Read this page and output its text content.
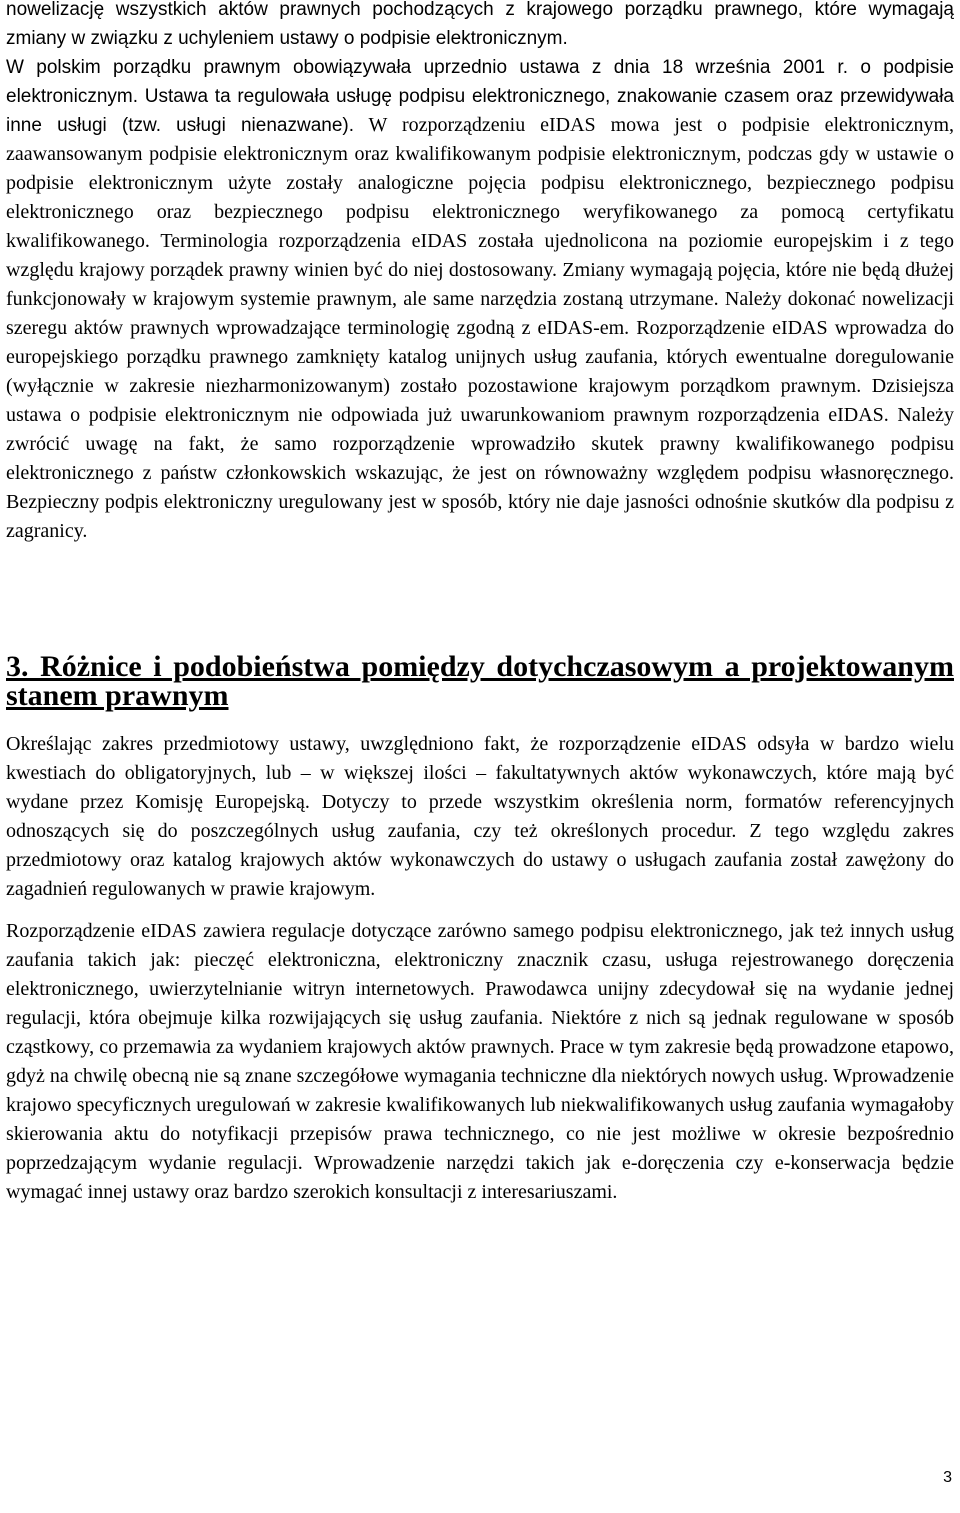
nowelizację wszystkich aktów prawnych pochodzących z krajowego porządku prawnego, które wymagają zmiany w związku z uchyleniem ustawy o podpisie elektronicznym.

W polskim porządku prawnym obowiązywała uprzednio ustawa z dnia 18 września 2001 r. o podpisie elektronicznym. Ustawa ta regulowała usługę podpisu elektronicznego, znakowanie czasem oraz przewidywała inne usługi (tzw. usługi nienazwane). W rozporządzeniu eIDAS mowa jest o podpisie elektronicznym, zaawansowanym podpisie elektronicznym oraz kwalifikowanym podpisie elektronicznym, podczas gdy w ustawie o podpisie elektronicznym użyte zostały analogiczne pojęcia podpisu elektronicznego, bezpiecznego podpisu elektronicznego oraz bezpiecznego podpisu elektronicznego weryfikowanego za pomocą certyfikatu kwalifikowanego. Terminologia rozporządzenia eIDAS została ujednolicona na poziomie europejskim i z tego względu krajowy porządek prawny winien być do niej dostosowany. Zmiany wymagają pojęcia, które nie będą dłużej funkcjonowały w krajowym systemie prawnym, ale same narzędzia zostaną utrzymane. Należy dokonać nowelizacji szeregu aktów prawnych wprowadzające terminologię zgodną z eIDAS-em. Rozporządzenie eIDAS wprowadza do europejskiego porządku prawnego zamknięty katalog unijnych usług zaufania, których ewentualne doregulowanie (wyłącznie w zakresie niezharmonizowanym) zostało pozostawione krajowym porządkom prawnym. Dzisiejsza ustawa o podpisie elektronicznym nie odpowiada już uwarunkowaniom prawnym rozporządzenia eIDAS. Należy zwrócić uwagę na fakt, że samo rozporządzenie wprowadziło skutek prawny kwalifikowanego podpisu elektronicznego z państw członkowskich wskazując, że jest on równoważny względem podpisu własnoręcznego. Bezpieczny podpis elektroniczny uregulowany jest w sposób, który nie daje jasności odnośnie skutków dla podpisu z zagranicy.

3. Różnice i podobieństwa pomiędzy dotychczasowym a projektowanym stanem prawnym

Określając zakres przedmiotowy ustawy, uwzględniono fakt, że rozporządzenie eIDAS odsyła w bardzo wielu kwestiach do obligatoryjnych, lub – w większej ilości – fakultatywnych aktów wykonawczych, które mają być wydane przez Komisję Europejską. Dotyczy to przede wszystkim określenia norm, formatów referencyjnych odnoszących się do poszczególnych usług zaufania, czy też określonych procedur. Z tego względu zakres przedmiotowy oraz katalog krajowych aktów wykonawczych do ustawy o usługach zaufania został zawężony do zagadnień regulowanych w prawie krajowym.

Rozporządzenie eIDAS zawiera regulacje dotyczące zarówno samego podpisu elektronicznego, jak też innych usług zaufania takich jak: pieczęć elektroniczna, elektroniczny znacznik czasu, usługa rejestrowanego doręczenia elektronicznego, uwierzytelnianie witryn internetowych. Prawodawca unijny zdecydował się na wydanie jednej regulacji, która obejmuje kilka rozwijających się usług zaufania. Niektóre z nich są jednak regulowane w sposób cząstkowy, co przemawia za wydaniem krajowych aktów prawnych. Prace w tym zakresie będą prowadzone etapowo, gdyż na chwilę obecną nie są znane szczegółowe wymagania techniczne dla niektórych nowych usług. Wprowadzenie krajowo specyficznych uregulowań w zakresie kwalifikowanych lub niekwalifikowanych usług zaufania wymagałoby skierowania aktu do notyfikacji przepisów prawa technicznego, co nie jest możliwe w okresie bezpośrednio poprzedzającym wydanie regulacji. Wprowadzenie narzędzi takich jak e-doręczenia czy e-konserwacja będzie wymagać innej ustawy oraz bardzo szerokich konsultacji z interesariuszami.

3
